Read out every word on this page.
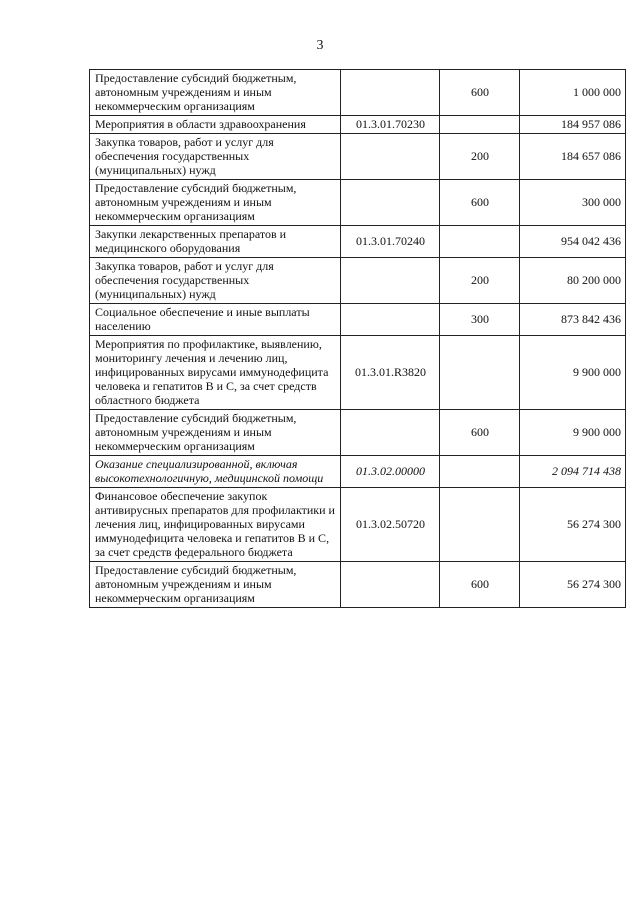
3
Предоставление субсидий бюджетным, автономным учреждениям и иным некоммерческим организациям		600	1 000 000
Мероприятия в области здравоохранения	01.3.01.70230		184 957 086
Закупка товаров, работ и услуг для обеспечения государственных (муниципальных) нужд		200	184 657 086
Предоставление субсидий бюджетным, автономным учреждениям и иным некоммерческим организациям		600	300 000
Закупки лекарственных препаратов и медицинского оборудования	01.3.01.70240		954 042 436
Закупка товаров, работ и услуг для обеспечения государственных (муниципальных) нужд		200	80 200 000
Социальное обеспечение и иные выплаты населению		300	873 842 436
Мероприятия по профилактике, выявлению, мониторингу лечения и лечению лиц, инфицированных вирусами иммунодефицита человека и гепатитов B и C, за счет средств областного бюджета	01.3.01.R3820		9 900 000
Предоставление субсидий бюджетным, автономным учреждениям и иным некоммерческим организациям		600	9 900 000
Оказание специализированной, включая высокотехнологичную, медицинской помощи	01.3.02.00000		2 094 714 438
Финансовое обеспечение закупок антивирусных препаратов для профилактики и лечения лиц, инфицированных вирусами иммунодефицита человека и гепатитов B и C, за счет средств федерального бюджета	01.3.02.50720		56 274 300
Предоставление субсидий бюджетным, автономным учреждениям и иным некоммерческим организациям		600	56 274 300
